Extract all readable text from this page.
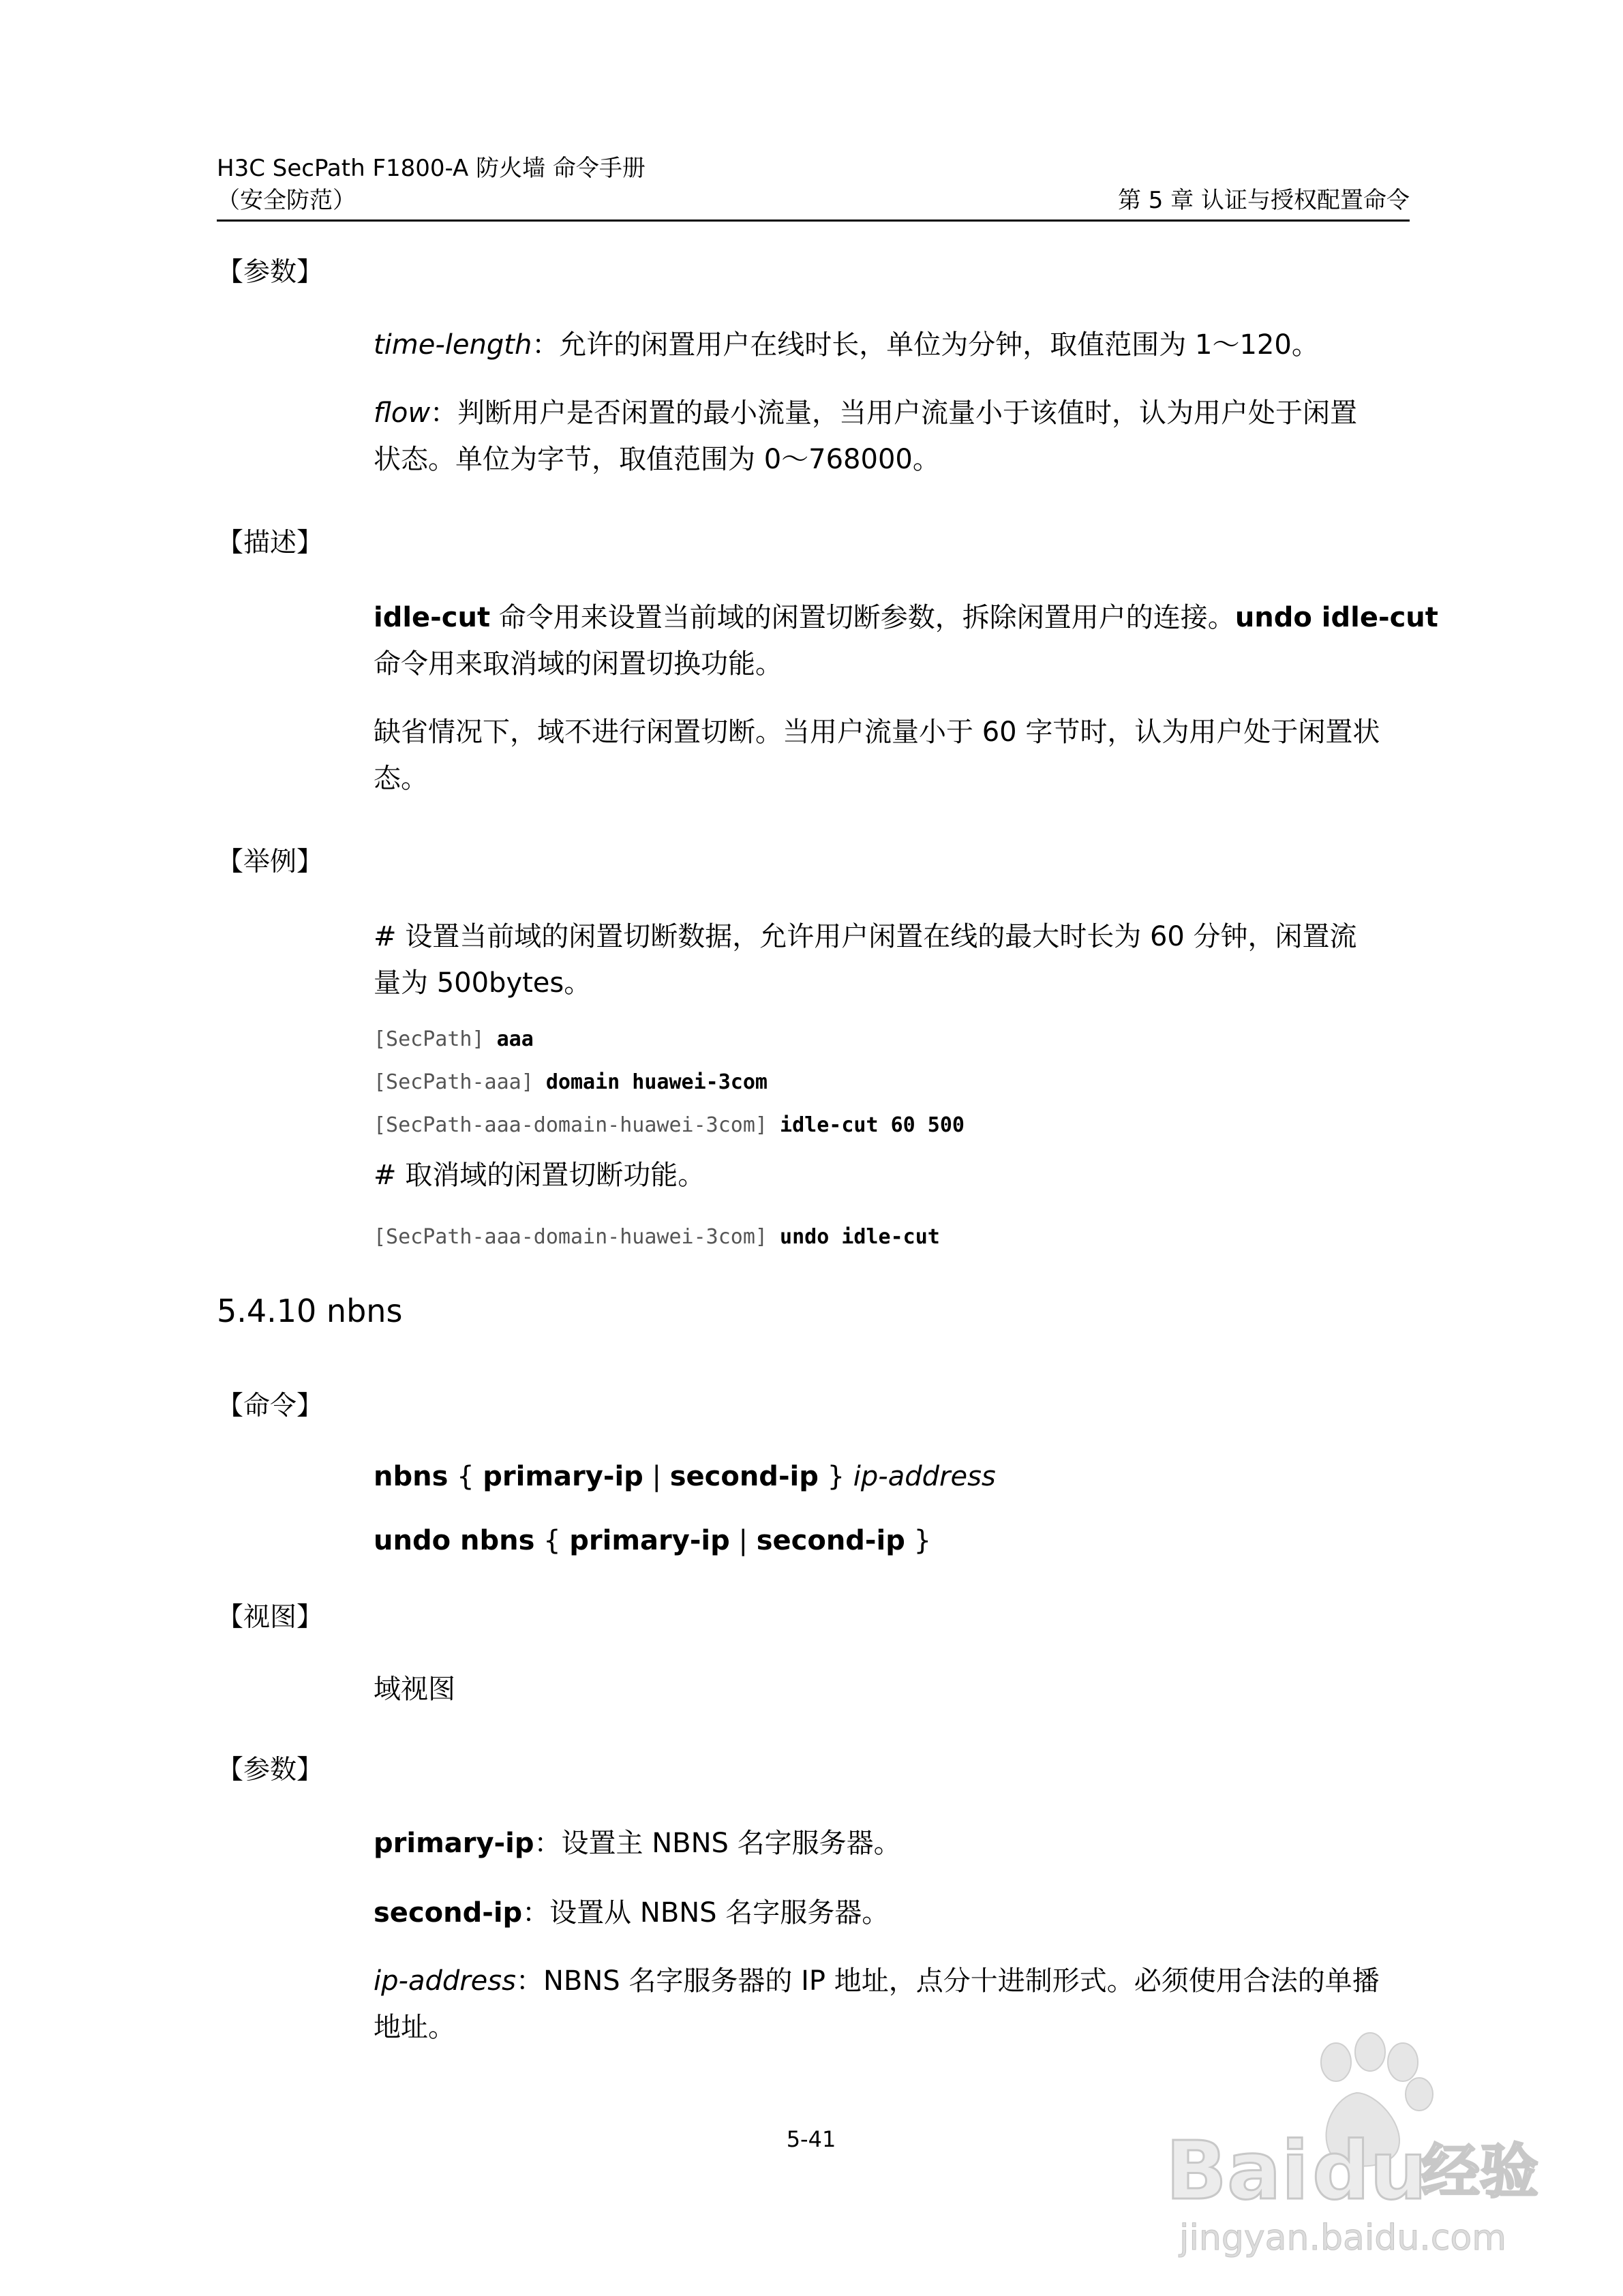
H3C SecPath F1800-A 防火墙 命令手册
（安全防范）	第 5 章 认证与授权配置命令
【参数】
time-length：允许的闲置用户在线时长，单位为分钟，取值范围为 1～120。
flow：判断用户是否闲置的最小流量，当用户流量小于该值时，认为用户处于闲置
状态。单位为字节，取值范围为 0～768000。
【描述】
idle-cut 命令用来设置当前域的闲置切断参数，拆除闲置用户的连接。undo idle-cut
命令用来取消域的闲置切换功能。
缺省情况下，域不进行闲置切断。当用户流量小于 60 字节时，认为用户处于闲置状
态。
【举例】
# 设置当前域的闲置切断数据，允许用户闲置在线的最大时长为 60 分钟，闲置流
量为 500bytes。
[SecPath] aaa
[SecPath-aaa] domain huawei-3com
[SecPath-aaa-domain-huawei-3com] idle-cut 60 500
# 取消域的闲置切断功能。
[SecPath-aaa-domain-huawei-3com] undo idle-cut
5.4.10 nbns
【命令】
nbns { primary-ip | second-ip } ip-address
undo nbns { primary-ip | second-ip }
【视图】
域视图
【参数】
primary-ip：设置主 NBNS 名字服务器。
second-ip：设置从 NBNS 名字服务器。
ip-address：NBNS 名字服务器的 IP 地址，点分十进制形式。必须使用合法的单播
地址。
5-41	Bai du
经验
jingyan.baidu.com
